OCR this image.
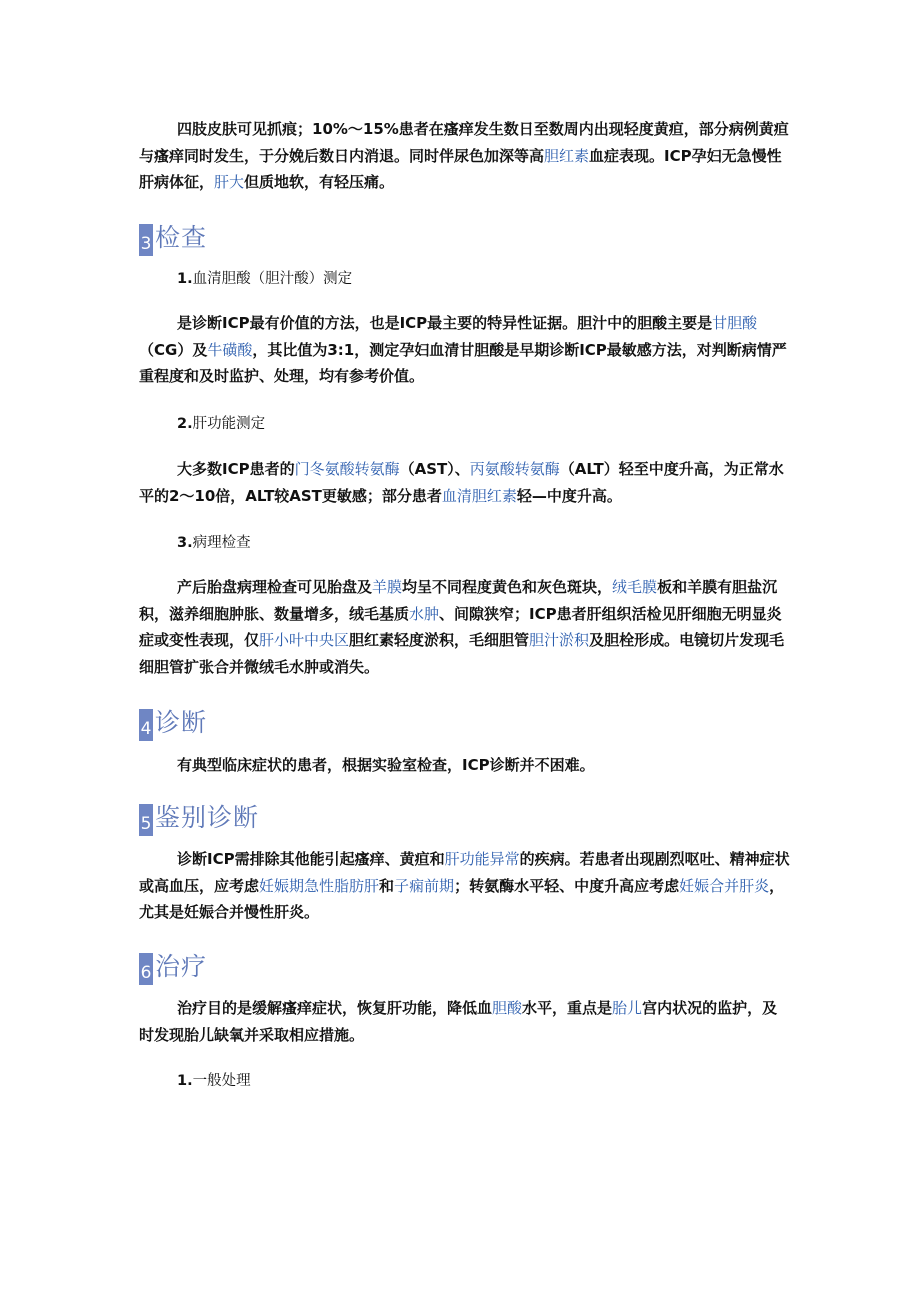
四肢皮肤可见抓痕；10%～15%患者在瘙痒发生数日至数周内出现轻度黄疸，部分病例黄疸与瘙痒同时发生，于分娩后数日内消退。同时伴尿色加深等高胆红素血症表现。ICP孕妇无急慢性肝病体征，肝大但质地软，有轻压痛。
3 检查
1.血清胆酸（胆汁酸）测定
是诊断ICP最有价值的方法，也是ICP最主要的特异性证据。胆汁中的胆酸主要是甘胆酸（CG）及牛磺酸，其比值为3:1，测定孕妇血清甘胆酸是早期诊断ICP最敏感方法，对判断病情严重程度和及时监护、处理，均有参考价值。
2.肝功能测定
大多数ICP患者的门冬氨酸转氨酶（AST）、丙氨酸转氨酶（ALT）轻至中度升高，为正常水平的2～10倍，ALT较AST更敏感；部分患者血清胆红素轻—中度升高。
3.病理检查
产后胎盘病理检查可见胎盘及羊膜均呈不同程度黄色和灰色斑块，绒毛膜板和羊膜有胆盐沉积，滋养细胞肿胀、数量增多，绒毛基质水肿、间隙狭窄；ICP患者肝组织活检见肝细胞无明显炎症或变性表现，仅肝小叶中央区胆红素轻度淤积，毛细胆管胆汁淤积及胆栓形成。电镜切片发现毛细胆管扩张合并微绒毛水肿或消失。
4 诊断
有典型临床症状的患者，根据实验室检查，ICP诊断并不困难。
5 鉴别诊断
诊断ICP需排除其他能引起瘙痒、黄疸和肝功能异常的疾病。若患者出现剧烈呕吐、精神症状或高血压，应考虑妊娠期急性脂肪肝和子痫前期；转氨酶水平轻、中度升高应考虑妊娠合并肝炎，尤其是妊娠合并慢性肝炎。
6 治疗
治疗目的是缓解瘙痒症状，恢复肝功能，降低血胆酸水平，重点是胎儿宫内状况的监护，及时发现胎儿缺氧并采取相应措施。
1.一般处理
